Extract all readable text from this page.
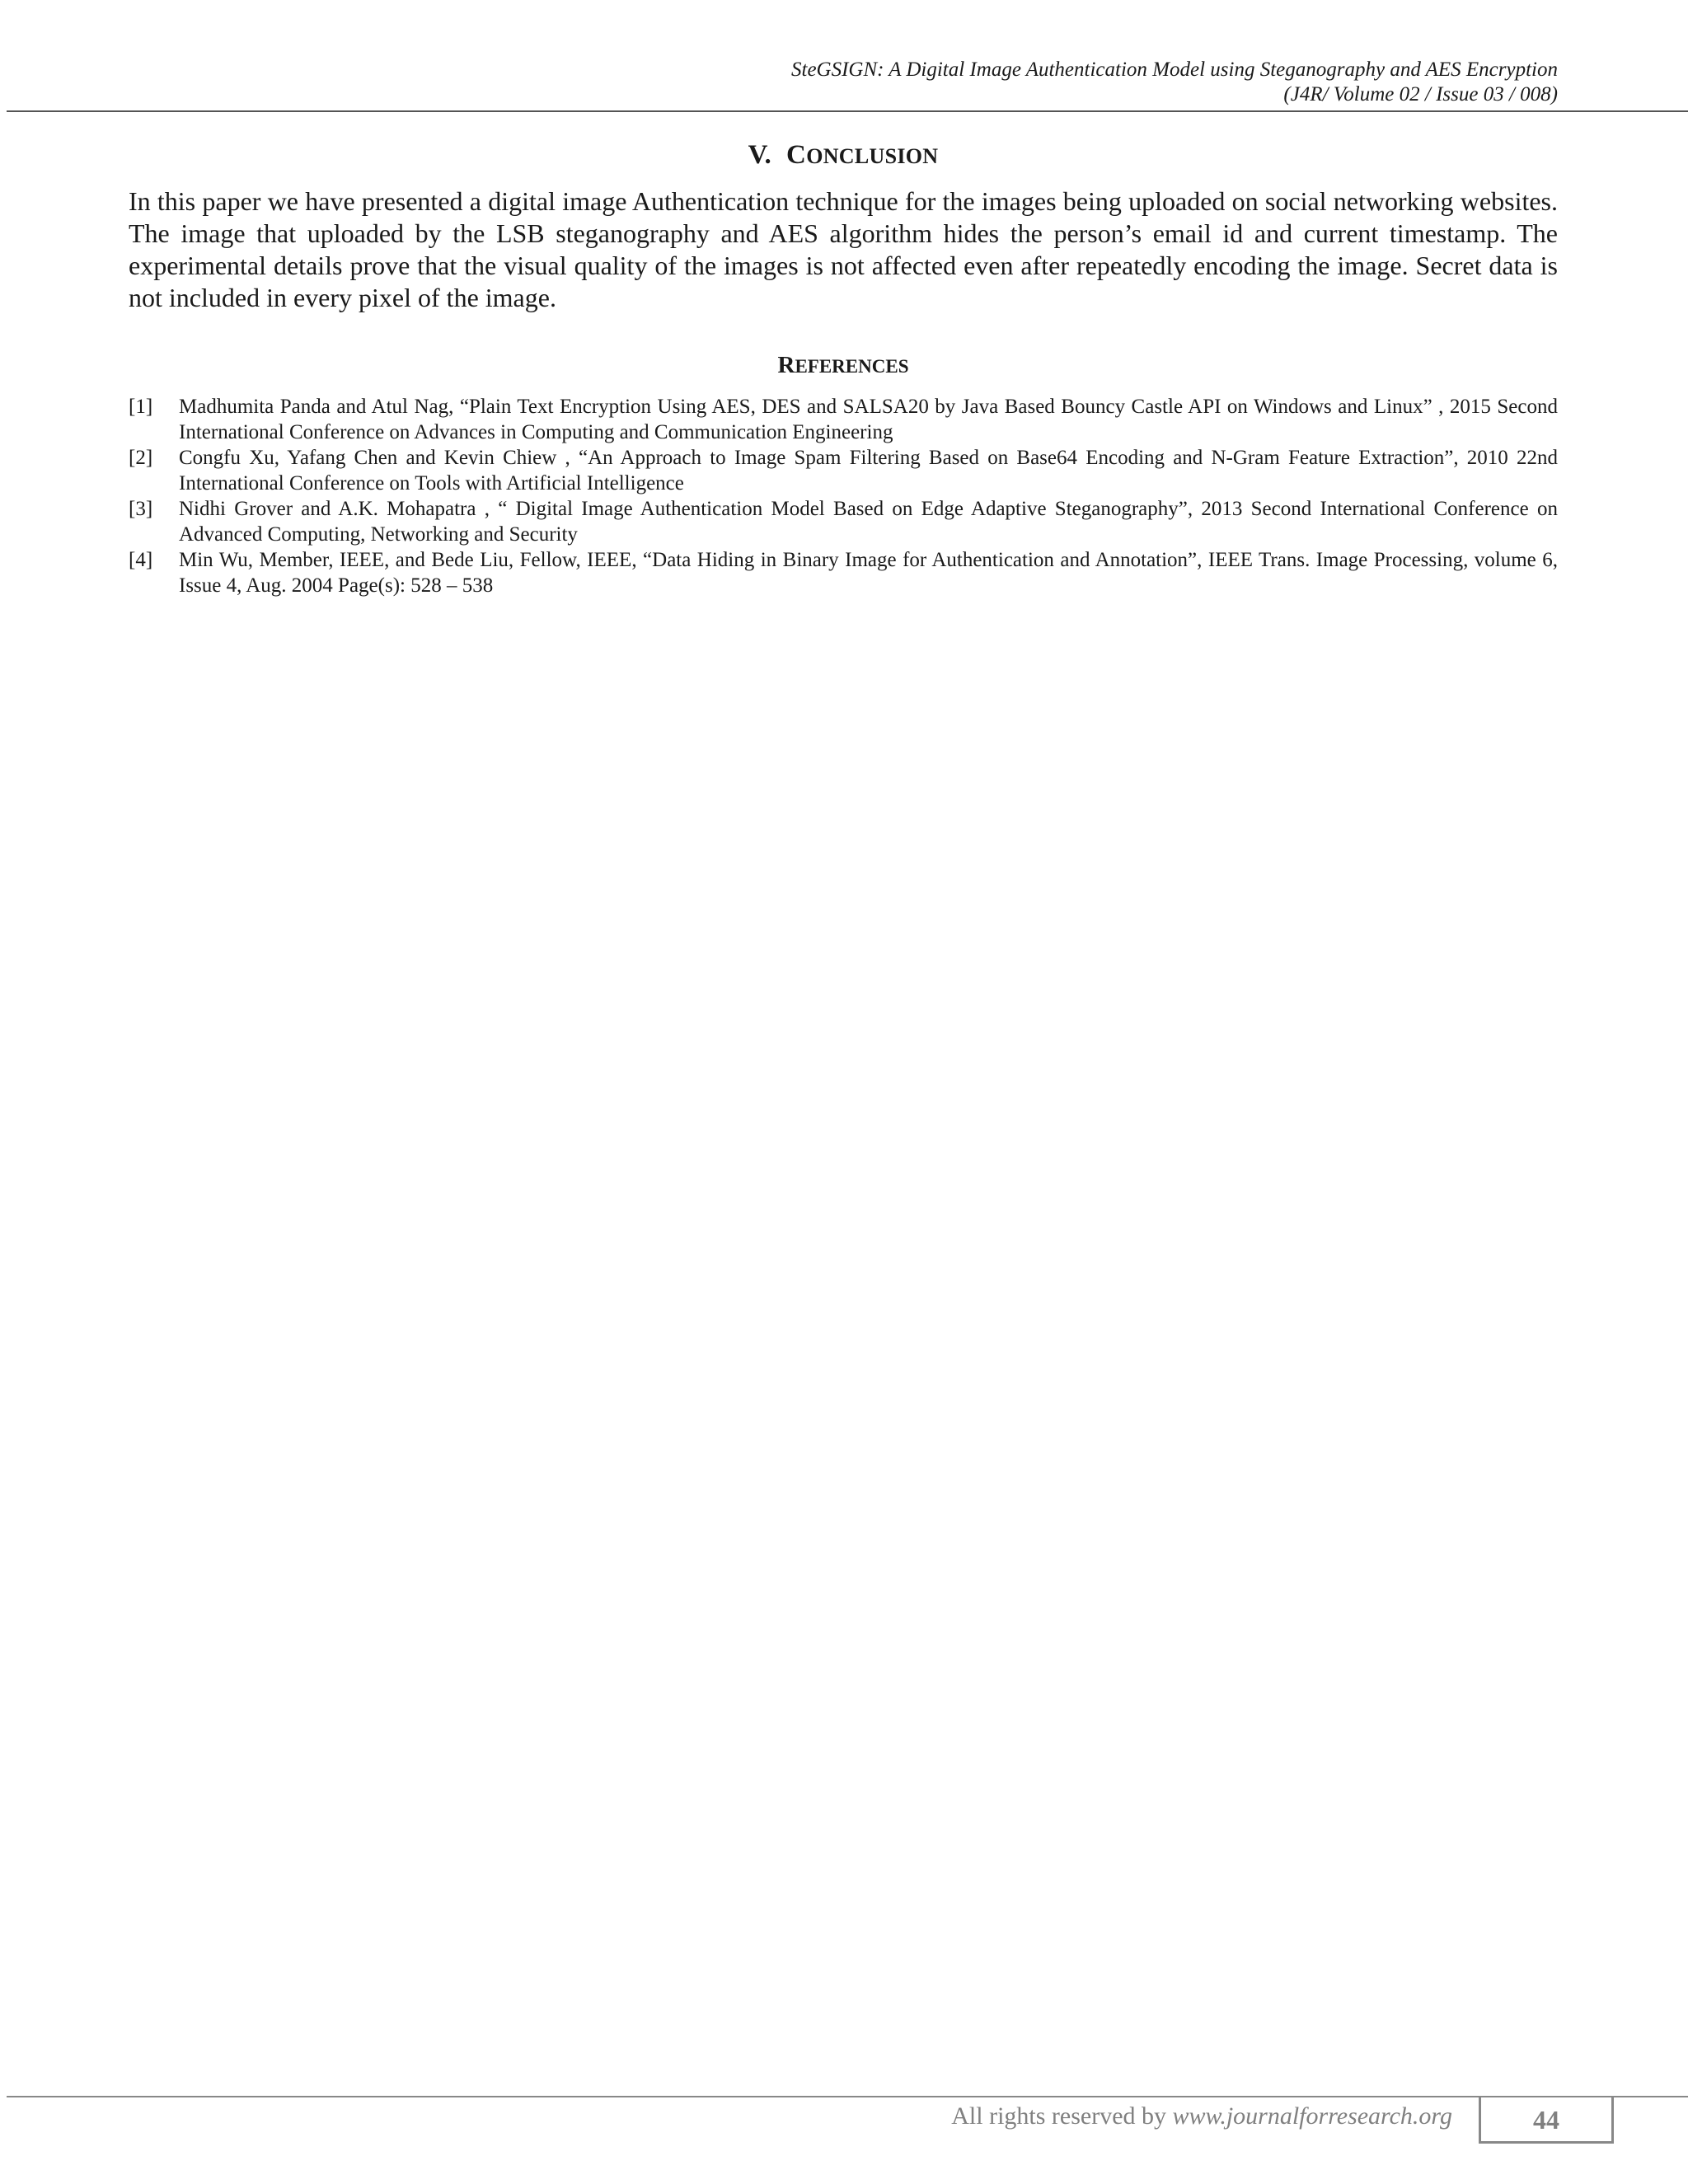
SteGSIGN: A Digital Image Authentication Model using Steganography and AES Encryption
(J4R/ Volume 02 / Issue 03 / 008)
V. CONCLUSION

In this paper we have presented a digital image Authentication technique for the images being uploaded on social networking websites. The image that uploaded by the LSB steganography and AES algorithm hides the person’s email id and current timestamp. The experimental details prove that the visual quality of the images is not affected even after repeatedly encoding the image. Secret data is not included in every pixel of the image.

REFERENCES
[1]	Madhumita Panda and Atul Nag, “Plain Text Encryption Using AES, DES and SALSA20 by Java Based Bouncy Castle API on Windows and Linux” , 2015 Second International Conference on Advances in Computing and Communication Engineering
[2]	Congfu Xu, Yafang Chen and Kevin Chiew , “An Approach to Image Spam Filtering Based on Base64 Encoding and N-Gram Feature Extraction”, 2010 22nd International Conference on Tools with Artificial Intelligence
[3]	Nidhi Grover and A.K. Mohapatra , “ Digital Image Authentication Model Based on Edge Adaptive Steganography”, 2013 Second International Conference on Advanced Computing, Networking and Security
[4]	Min Wu, Member, IEEE, and Bede Liu, Fellow, IEEE, “Data Hiding in Binary Image for Authentication and Annotation”, IEEE Trans. Image Processing, volume 6, Issue 4, Aug. 2004 Page(s): 528 – 538
All rights reserved by www.journalforresearch.org	44
